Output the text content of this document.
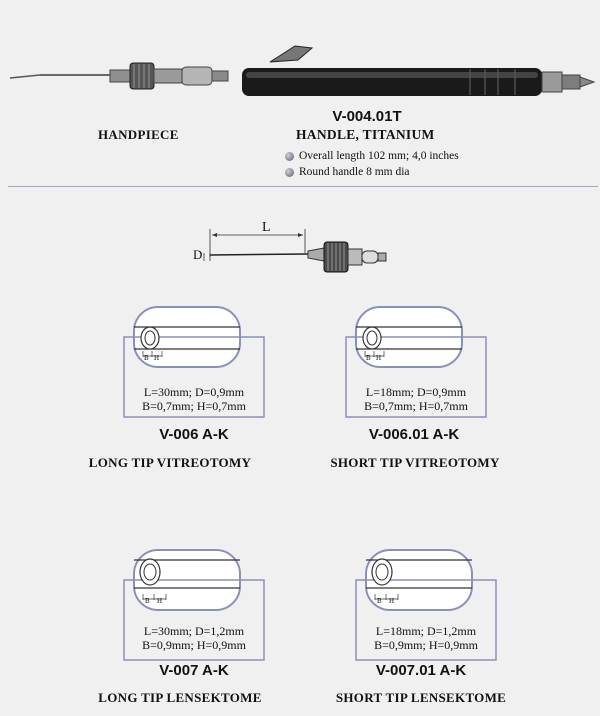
HANDPIECE
V-004.01T
HANDLE, TITANIUM
Overall length 102 mm; 4,0 inches
Round handle 8 mm dia
L
D
B H
L=30mm; D=0,9mm
B=0,7mm; H=0,7mm
V-006 A-K
LONG TIP VITREOTOMY
B H
L=18mm; D=0,9mm
B=0,7mm; H=0,7mm
V-006.01 A-K
SHORT TIP VITREOTOMY
B H
L=30mm; D=1,2mm
B=0,9mm; H=0,9mm
V-007 A-K
LONG TIP LENSEKTOME
B H
L=18mm; D=1,2mm
B=0,9mm; H=0,9mm
V-007.01 A-K
SHORT TIP LENSEKTOME
